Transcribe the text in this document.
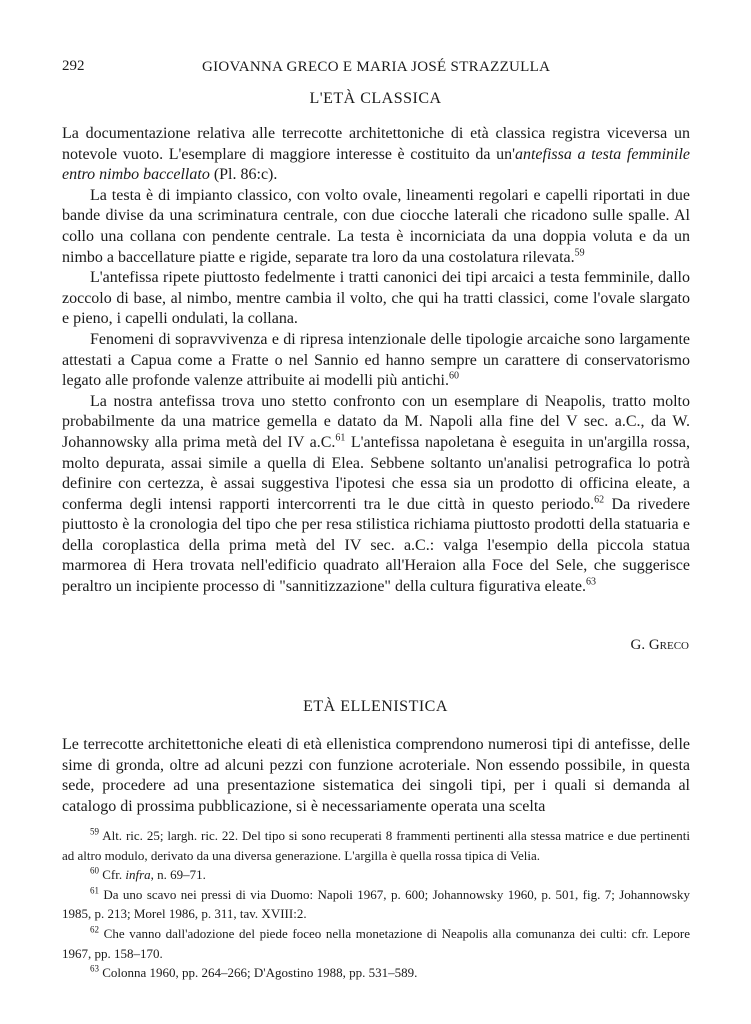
292	GIOVANNA GRECO E MARIA JOSÉ STRAZZULLA
L'ETÀ CLASSICA

La documentazione relativa alle terrecotte architettoniche di età classica registra viceversa un notevole vuoto. L'esemplare di maggiore interesse è costituito da un'antefissa a testa femminile entro nimbo baccellato (Pl. 86:c).

La testa è di impianto classico, con volto ovale, lineamenti regolari e capelli riportati in due bande divise da una scriminatura centrale, con due ciocche laterali che ricadono sulle spalle. Al collo una collana con pendente centrale. La testa è incorniciata da una doppia voluta e da un nimbo a baccellature piatte e rigide, separate tra loro da una costolatura rilevata.$^{59}$

L'antefissa ripete piuttosto fedelmente i tratti canonici dei tipi arcaici a testa femminile, dallo zoccolo di base, al nimbo, mentre cambia il volto, che qui ha tratti classici, come l'ovale slargato e pieno, i capelli ondulati, la collana.

Fenomeni di sopravvivenza e di ripresa intenzionale delle tipologie arcaiche sono largamente attestati a Capua come a Fratte o nel Sannio ed hanno sempre un carattere di conservatorismo legato alle profonde valenze attribuite ai modelli più antichi.$^{60}$

La nostra antefissa trova uno stetto confronto con un esemplare di Neapolis, tratto molto probabilmente da una matrice gemella e datato da M. Napoli alla fine del V sec. a.C., da W. Johannowsky alla prima metà del IV a.C.$^{61}$ L'antefissa napoletana è eseguita in un'argilla rossa, molto depurata, assai simile a quella di Elea. Sebbene soltanto un'analisi petrografica lo potrà definire con certezza, è assai suggestiva l'ipotesi che essa sia un prodotto di officina eleate, a conferma degli intensi rapporti intercorrenti tra le due città in questo periodo.$^{62}$ Da rivedere piuttosto è la cronologia del tipo che per resa stilistica richiama piuttosto prodotti della statuaria e della coroplastica della prima metà del IV sec. a.C.: valga l'esempio della piccola statua marmorea di Hera trovata nell'edificio quadrato all'Heraion alla Foce del Sele, che suggerisce peraltro un incipiente processo di "sannitizzazione" della cultura figurativa eleate.$^{63}$

G. Greco
ETÀ ELLENISTICA

Le terrecotte architettoniche eleati di età ellenistica comprendono numerosi tipi di antefisse, delle sime di gronda, oltre ad alcuni pezzi con funzione acroteriale. Non essendo possibile, in questa sede, procedere ad una presentazione sistematica dei singoli tipi, per i quali si demanda al catalogo di prossima pubblicazione, si è necessariamente operata una scelta

$^{59}$ Alt. ric. 25; largh. ric. 22. Del tipo si sono recuperati 8 frammenti pertinenti alla stessa matrice e due pertinenti ad altro modulo, derivato da una diversa generazione. L'argilla è quella rossa tipica di Velia.

$^{60}$ Cfr. infra, n. 69–71.

$^{61}$ Da uno scavo nei pressi di via Duomo: Napoli 1967, p. 600; Johannowsky 1960, p. 501, fig. 7; Johannowsky 1985, p. 213; Morel 1986, p. 311, tav. XVIII:2.

$^{62}$ Che vanno dall'adozione del piede foceo nella monetazione di Neapolis alla comunanza dei culti: cfr. Lepore 1967, pp. 158–170.

$^{63}$ Colonna 1960, pp. 264–266; D'Agostino 1988, pp. 531–589.
